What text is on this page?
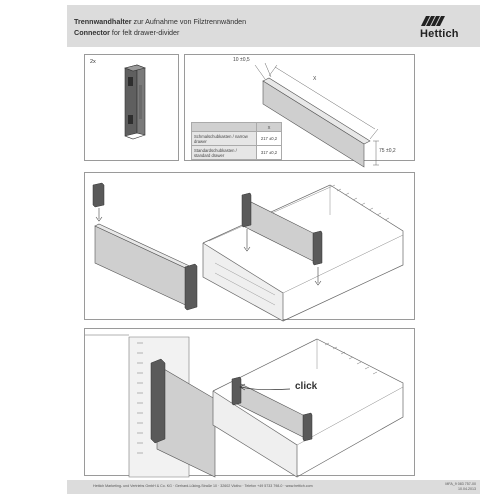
Trennwandhalter zur Aufnahme von Filztrennwänden
Connector for felt drawer-divider	Hettich
2x	10 ±0,5
X
75 ±0,2
	X
Schmalschubkasten / narrow drawer	217 ±0,2
Standardschubkasten / standard drawer	317 ±0,2
click
Hettich Marketing- und Vertriebs GmbH & Co. KG · Gerhard-Lüking-Straße 10 · 32602 Vlotho · Telefon +49 5733 798-0 · www.hettich.com	MFA_9 083 757-00
10.04.2013
